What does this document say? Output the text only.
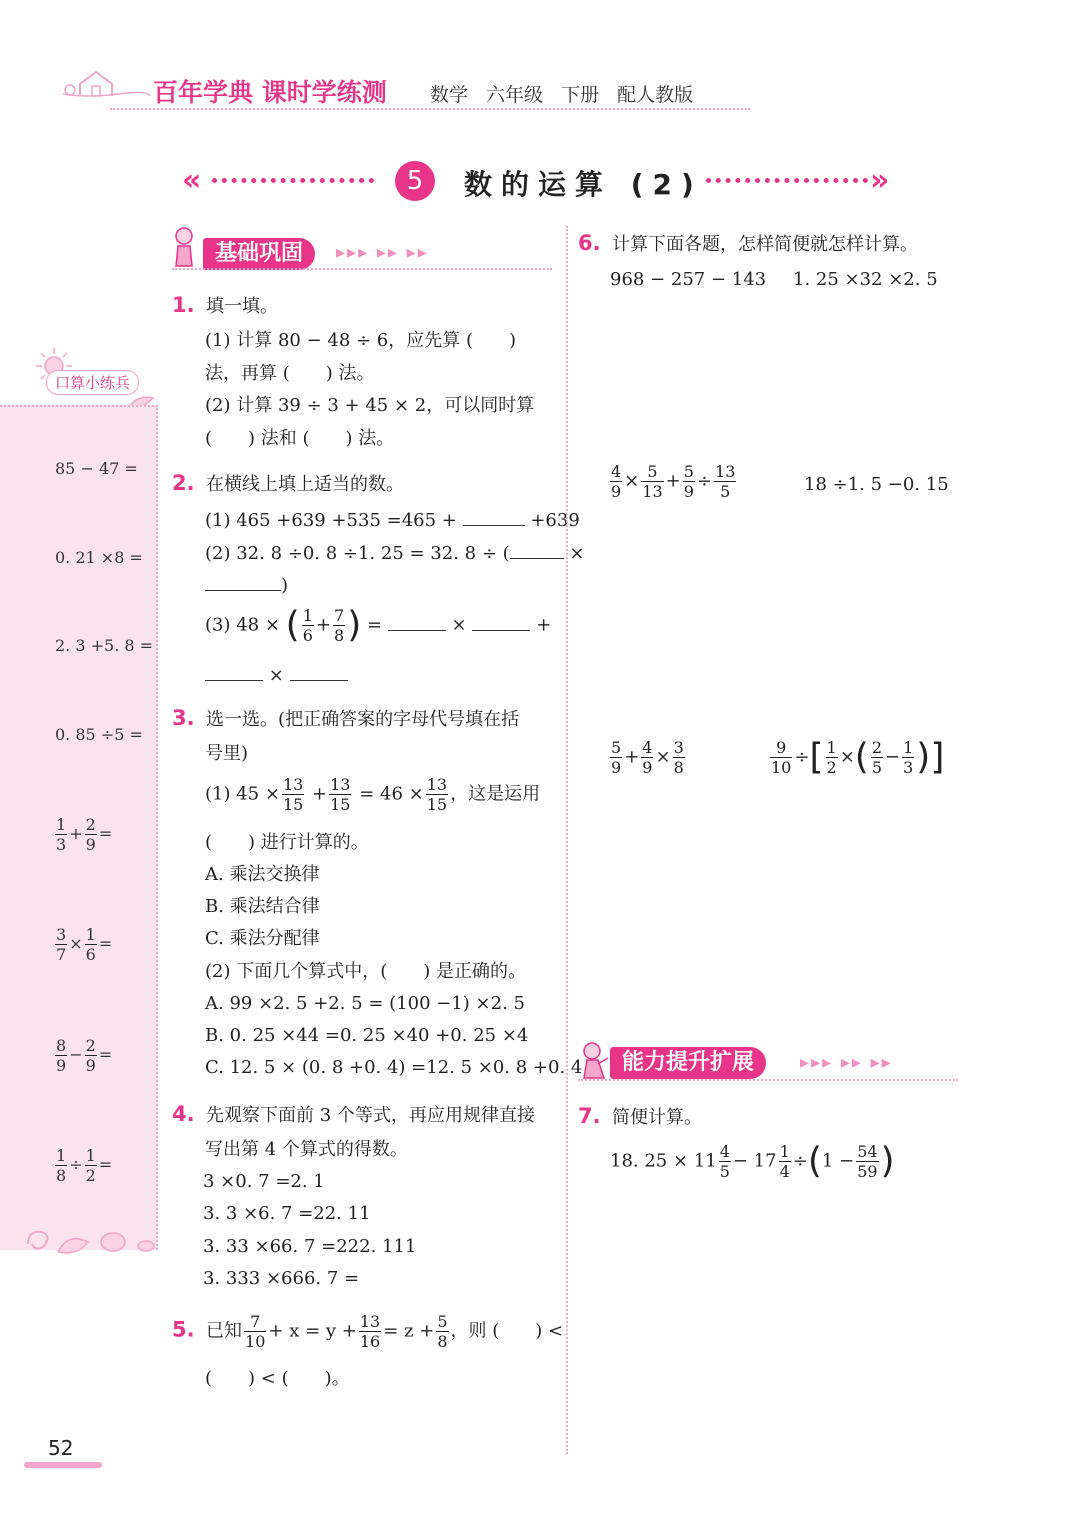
百年学典 课时学练测 数学 六年级 下册 配人教版
«	5	数的运算 (2)	»
口算小练兵
85 − 47 =
0. 21 ×8 =
2. 3 +5. 8 =
0. 85 ÷5 =
$\frac{1}{3} + \frac{2}{9}$ =
$\frac{3}{7} \times \frac{1}{6}$ =
$\frac{8}{9} - \frac{2}{9}$ =
$\frac{1}{8} \div \frac{1}{2}$ =
基础巩固	▸▸▸ ▸▸ ▸▸
1. 填一填。
(1) 计算 80 − 48 ÷ 6，应先算 (　　)
法，再算 (　　) 法。
(2) 计算 39 ÷ 3 + 45 × 2，可以同时算
(　　) 法和 (　　) 法。
2. 在横线上填上适当的数。
(1) 465 +639 +535 =465 +	+639
(2) 32. 8 ÷0. 8 ÷1. 25 = 32. 8 ÷ (	×
)
(3) 48 × ( $\frac{1}{6} + \frac{7}{8}$ ) =	×	+
×
3. 选一选。(把正确答案的字母代号填在括
号里)
(1) $45 \times \frac{13}{15} + \frac{13}{15} = 46 \times \frac{13}{15}$ ，这是运用
(　　) 进行计算的。
A. 乘法交换律
B. 乘法结合律
C. 乘法分配律
(2) 下面几个算式中，(　　) 是正确的。
A. 99 ×2. 5 +2. 5 = (100 −1) ×2. 5
B. 0. 25 ×44 =0. 25 ×40 +0. 25 ×4
C. 12. 5 × (0. 8 +0. 4) =12. 5 ×0. 8 +0. 4
4. 先观察下面前 3 个等式，再应用规律直接
写出第 4 个算式的得数。
3 ×0. 7 =2. 1
3. 3 ×6. 7 =22. 11
3. 33 ×66. 7 =222. 111
3. 333 ×666. 7 =
5. 已知 $\frac{7}{10} + x = y + \frac{13}{16} = z + \frac{5}{8}$ ，则 (　　) <
(　　) < (　　)。
6. 计算下面各题，怎样简便就怎样计算。
968 − 257 − 143 1. 25 ×32 ×2. 5
$\frac{4}{9} \times \frac{5}{13} + \frac{5}{9} \div \frac{13}{5}$	18 ÷1. 5 −0. 15
$\frac{5}{9} + \frac{4}{9} \times \frac{3}{8}$	$\frac{9}{10}$ ÷[ $\frac{1}{2}$ ×( $\frac{2}{5} - \frac{1}{3}$ )]
能力提升扩展	▸▸▸ ▸▸ ▸▸
7. 简便计算。
18. $25 \times 11 \frac{4}{5} - 17 \frac{1}{4} \div(1 - \frac{54}{59}$ )
52
